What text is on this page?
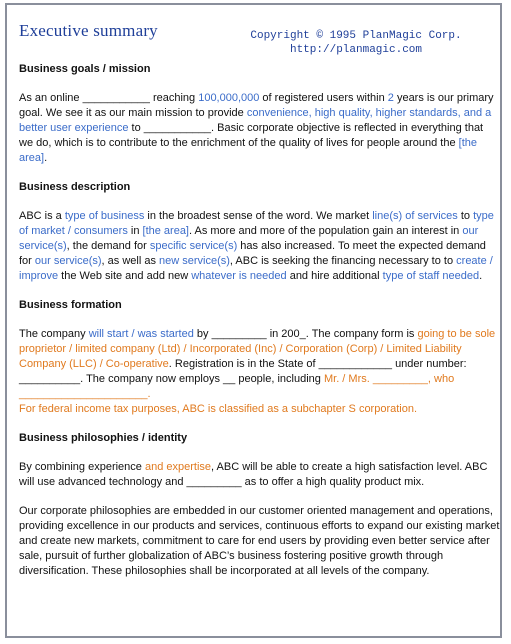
Executive summary	Copyright © 1995 PlanMagic Corp.
http://planmagic.com
Business goals / mission

As an online ___________ reaching 100,000,000 of registered users within 2 years is our primary goal. We see it as our main mission to provide convenience, high quality, higher standards, and a better user experience to ___________. Basic corporate objective is reflected in everything that we do, which is to contribute to the enrichment of the quality of lives for people around the [the area].

Business description

ABC is a type of business in the broadest sense of the word. We market line(s) of services to type of market / consumers in [the area]. As more and more of the population gain an interest in our service(s), the demand for specific service(s) has also increased. To meet the expected demand for our service(s), as well as new service(s), ABC is seeking the financing necessary to to create / improve the Web site and add new whatever is needed and hire additional type of staff needed.

Business formation

The company will start / was started by _________ in 200_. The company form is going to be sole proprietor / limited company (Ltd) / Incorporated (Inc) / Corporation (Corp) / Limited Liability Company (LLC) / Co-operative. Registration is in the State of ____________ under number: __________. The company now employs __ people, including Mr. / Mrs. _________, who _____________________.
For federal income tax purposes, ABC is classified as a subchapter S corporation.

Business philosophies / identity

By combining experience and expertise, ABC will be able to create a high satisfaction level. ABC will use advanced technology and _________ as to offer a high quality product mix.

Our corporate philosophies are embedded in our customer oriented management and operations, providing excellence in our products and services, continuous efforts to expand our existing market and create new markets, commitment to care for end users by providing even better service after sale, pursuit of further globalization of ABC’s business fostering positive growth through diversification. These philosophies shall be incorporated at all levels of the company.
